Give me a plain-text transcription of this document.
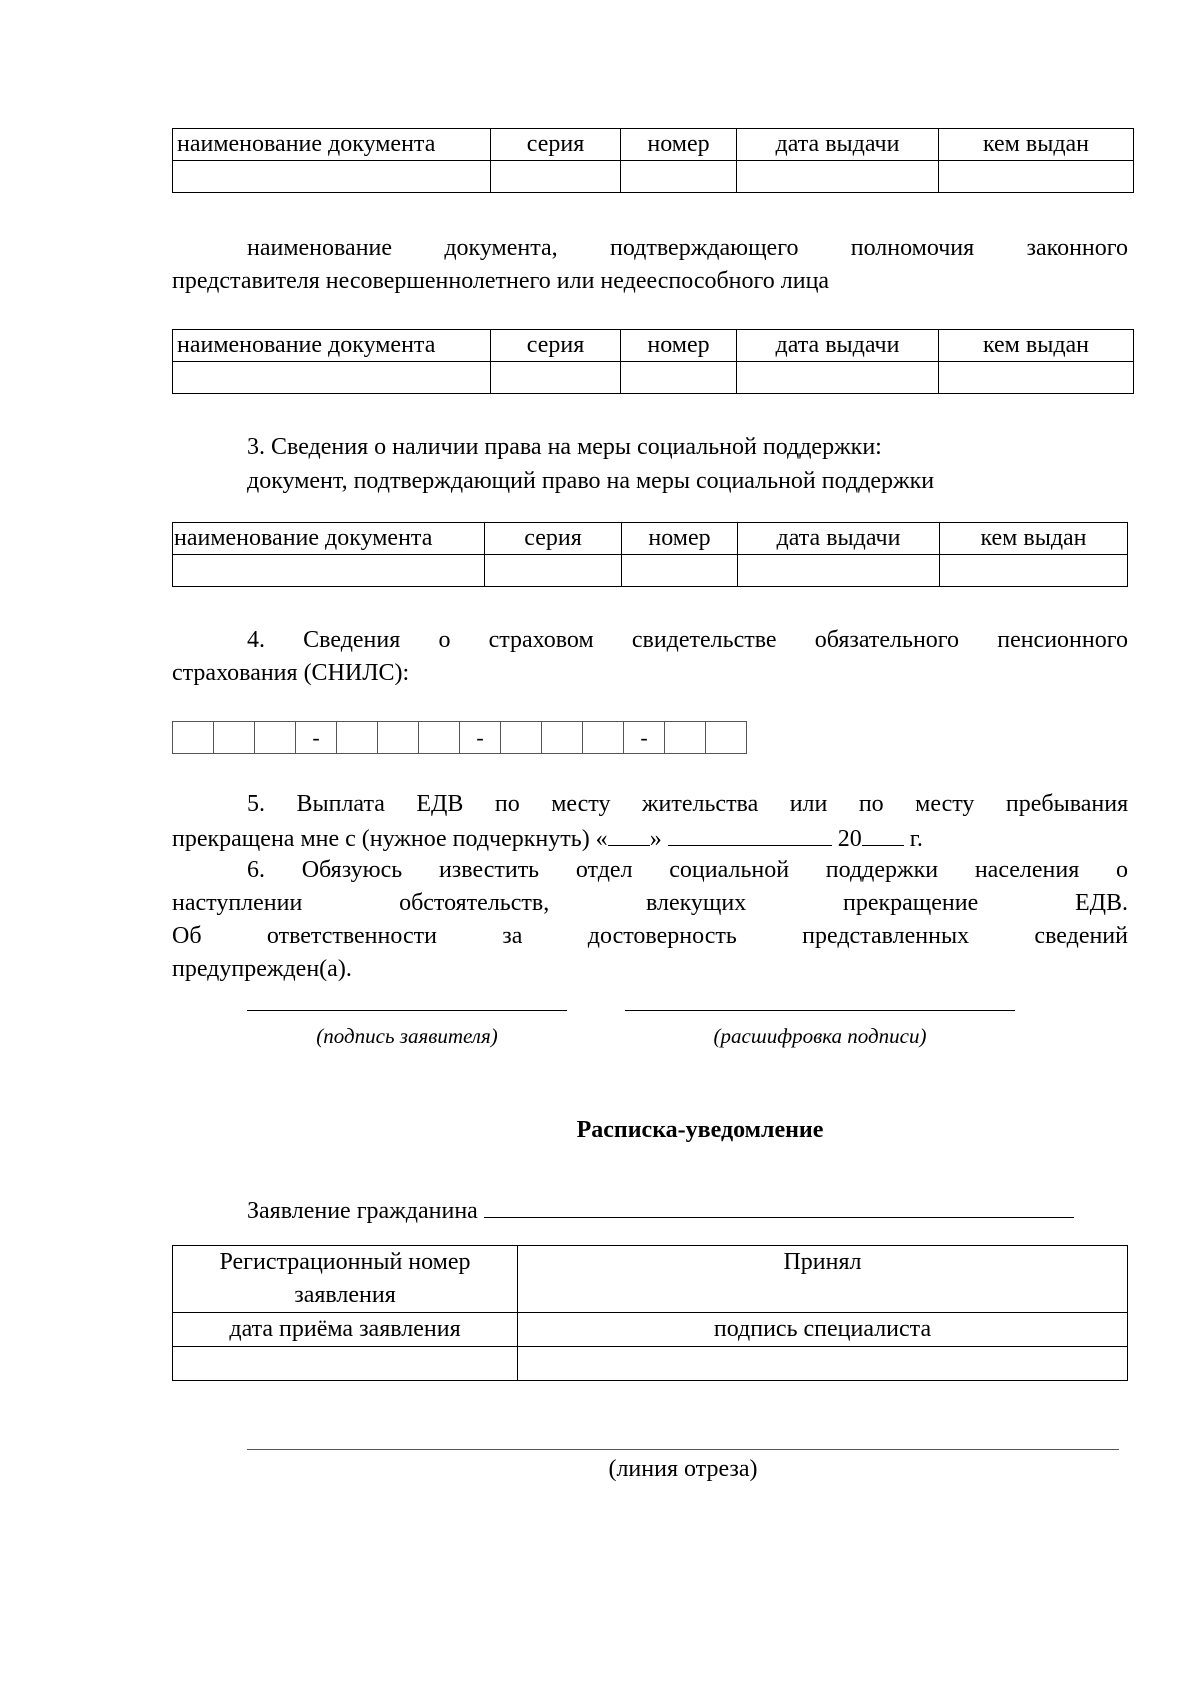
наименование документа	серия	номер	дата выдачи	кем выдан

наименование документа, подтверждающего полномочия законного
представителя несовершеннолетнего или недееспособного лица
наименование документа	серия	номер	дата выдачи	кем выдан

3. Сведения о наличии права на меры социальной поддержки:
документ, подтверждающий право на меры социальной поддержки
наименование документа	серия	номер	дата выдачи	кем выдан

4. Сведения о страховом свидетельстве обязательного пенсионного
страхования (СНИЛС):
			-				-				-		
5. Выплата ЕДВ по месту жительства или по месту пребывания
прекращена мне с (нужное подчеркнуть) « »	20 г.
6. Обязуюсь известить отдел социальной поддержки населения о
наступлении	обстоятельств,	влекущих	прекращение	ЕДВ.
Об	ответственности	за	достоверность	представленных	сведений
предупрежден(а).
(подпись заявителя)	(расшифровка подписи)
Расписка-уведомление
Заявление гражданина
Регистрационный номер заявления	Принял
дата приёма заявления	подпись специалиста

(линия отреза)
